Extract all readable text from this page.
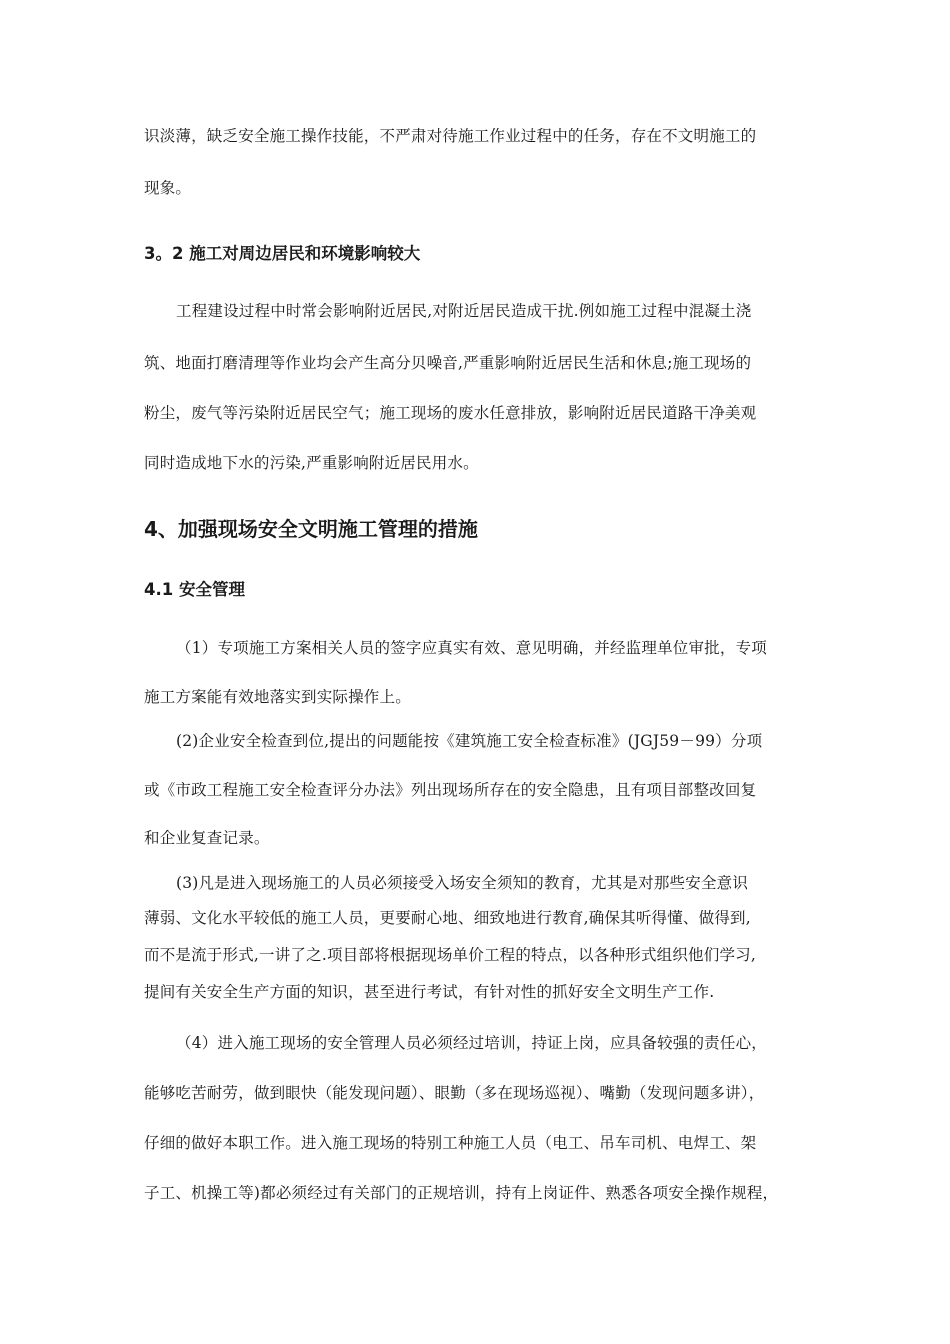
识淡薄，缺乏安全施工操作技能，不严肃对待施工作业过程中的任务，存在不文明施工的
现象。
3。2 施工对周边居民和环境影响较大
工程建设过程中时常会影响附近居民,对附近居民造成干扰.例如施工过程中混凝土浇
筑、地面打磨清理等作业均会产生高分贝噪音,严重影响附近居民生活和休息;施工现场的
粉尘，废气等污染附近居民空气；施工现场的废水任意排放，影响附近居民道路干净美观
同时造成地下水的污染,严重影响附近居民用水。
4、加强现场安全文明施工管理的措施
4.1 安全管理
（1）专项施工方案相关人员的签字应真实有效、意见明确，并经监理单位审批，专项
施工方案能有效地落实到实际操作上。
(2)企业安全检查到位,提出的问题能按《建筑施工安全检查标准》(JGJ59－99）分项
或《市政工程施工安全检查评分办法》列出现场所存在的安全隐患，且有项目部整改回复
和企业复查记录。
(3)凡是进入现场施工的人员必须接受入场安全须知的教育，尤其是对那些安全意识
薄弱、文化水平较低的施工人员，更要耐心地、细致地进行教育,确保其听得懂、做得到,
而不是流于形式,一讲了之.项目部将根据现场单价工程的特点，以各种形式组织他们学习,
提间有关安全生产方面的知识，甚至进行考试，有针对性的抓好安全文明生产工作.
（4）进入施工现场的安全管理人员必须经过培训，持证上岗，应具备较强的责任心，
能够吃苦耐劳，做到眼快（能发现问题）、眼勤（多在现场巡视）、嘴勤（发现问题多讲），
仔细的做好本职工作。进入施工现场的特别工种施工人员（电工、吊车司机、电焊工、架
子工、机操工等)都必须经过有关部门的正规培训，持有上岗证件、熟悉各项安全操作规程，
